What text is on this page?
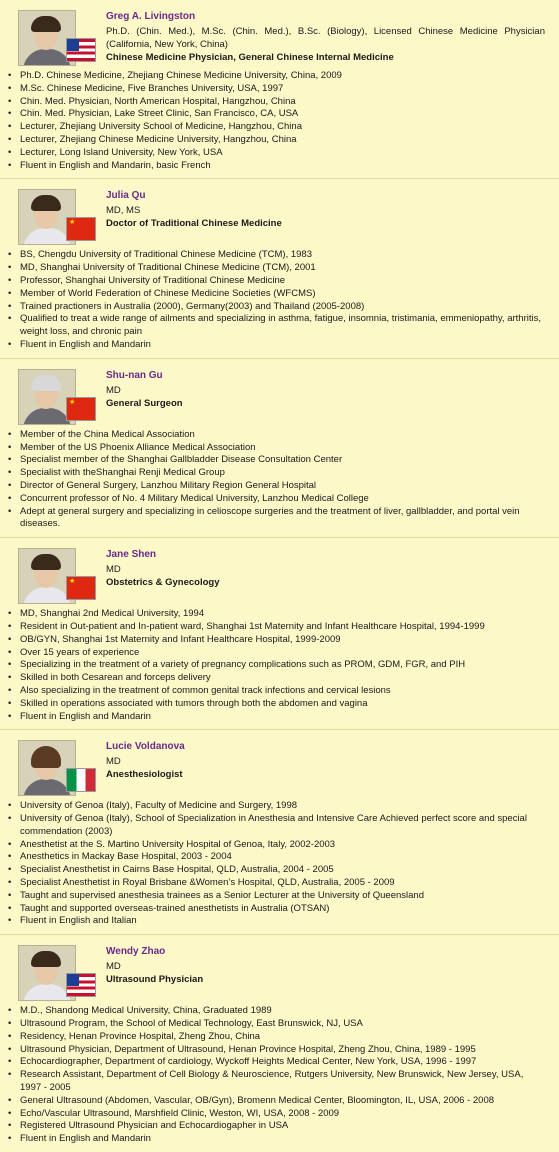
Greg A. Livingston
Ph.D. (Chin. Med.), M.Sc. (Chin. Med.), B.Sc. (Biology), Licensed Chinese Medicine Physician (California, New York, China)
Chinese Medicine Physician, General Chinese Internal Medicine
• Ph.D. Chinese Medicine, Zhejiang Chinese Medicine University, China, 2009
• M.Sc. Chinese Medicine, Five Branches University, USA, 1997
• Chin. Med. Physician, North American Hospital, Hangzhou, China
• Chin. Med. Physician, Lake Street Clinic, San Francisco, CA, USA
• Lecturer, Zhejiang University School of Medicine, Hangzhou, China
• Lecturer, Zhejiang Chinese Medicine University, Hangzhou, China
• Lecturer, Long Island University, New York, USA
• Fluent in English and Mandarin, basic French
★
Julia Qu
MD, MS
Doctor of Traditional Chinese Medicine
• BS, Chengdu University of Traditional Chinese Medicine (TCM), 1983
• MD, Shanghai University of Traditional Chinese Medicine (TCM), 2001
• Professor, Shanghai University of Traditional Chinese Medicine
• Member of World Federation of Chinese Medicine Societies (WFCMS)
• Trained practioners in Australia (2000), Germany(2003) and Thailand (2005-2008)
• Qualified to treat a wide range of ailments and specializing in asthma, fatigue, insomnia, tristimania, emmeniopathy, arthritis, weight loss, and chronic pain
• Fluent in English and Mandarin
★
Shu-nan Gu
MD
General Surgeon
• Member of the China Medical Association
• Member of the US Phoenix Alliance Medical Association
• Specialist member of the Shanghai Gallbladder Disease Consultation Center
• Specialist with theShanghai Renji Medical Group
• Director of General Surgery, Lanzhou Military Region General Hospital
• Concurrent professor of No. 4 Military Medical University, Lanzhou Medical College
• Adept at general surgery and specializing in celioscope surgeries and the treatment of liver, gallbladder, and portal vein diseases.
★
Jane Shen
MD
Obstetrics & Gynecology
• MD, Shanghai 2nd Medical University, 1994
• Resident in Out-patient and In-patient ward, Shanghai 1st Maternity and Infant Healthcare Hospital, 1994-1999
• OB/GYN, Shanghai 1st Maternity and Infant Healthcare Hospital, 1999-2009
• Over 15 years of experience
• Specializing in the treatment of a variety of pregnancy complications such as PROM, GDM, FGR, and PIH
• Skilled in both Cesarean and forceps delivery
• Also specializing in the treatment of common genital track infections and cervical lesions
• Skilled in operations associated with tumors through both the abdomen and vagina
• Fluent in English and Mandarin
Lucie Voldanova
MD
Anesthesiologist
• University of Genoa (Italy), Faculty of Medicine and Surgery, 1998
• University of Genoa (Italy), School of Specialization in Anesthesia and Intensive Care Achieved perfect score and special commendation (2003)
• Anesthetist at the S. Martino University Hospital of Genoa, Italy, 2002-2003
• Anesthetics in Mackay Base Hospital, 2003 - 2004
• Specialist Anesthetist in Cairns Base Hospital, QLD, Australia, 2004 - 2005
• Specialist Anesthetist in Royal Brisbane &Women’s Hospital, QLD, Australia, 2005 - 2009
• Taught and supervised anesthesia trainees as a Senior Lecturer at the University of Queensland
• Taught and supported overseas-trained anesthetists in Australia (OTSAN)
• Fluent in English and Italian
Wendy Zhao
MD
Ultrasound Physician
• M.D., Shandong Medical University, China, Graduated 1989
• Ultrasound Program, the School of Medical Technology, East Brunswick, NJ, USA
• Residency, Henan Province Hospital, Zheng Zhou, China
• Ultrasound Physician, Department of Ultrasound, Henan Province Hospital, Zheng Zhou, China, 1989 - 1995
• Echocardiographer, Department of cardiology, Wyckoff Heights Medical Center, New York, USA, 1996 - 1997
• Research Assistant, Department of Cell Biology & Neuroscience, Rutgers University, New Brunswick, New Jersey, USA, 1997 - 2005
• General Ultrasound (Abdomen, Vascular, OB/Gyn), Bromenn Medical Center, Bloomington, IL, USA, 2006 - 2008
• Echo/Vascular Ultrasound, Marshfield Clinic, Weston, WI, USA, 2008 - 2009
• Registered Ultrasound Physician and Echocardiogapher in USA
• Fluent in English and Mandarin
